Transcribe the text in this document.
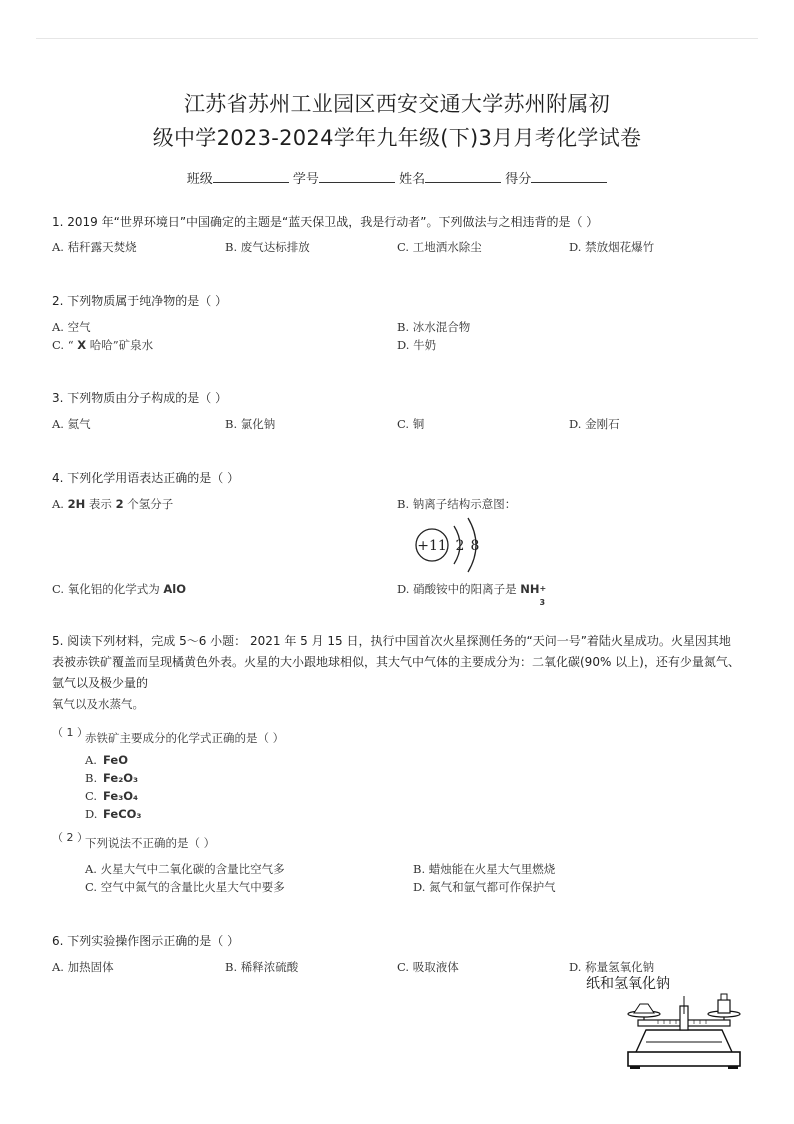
江苏省苏州工业园区西安交通大学苏州附属初
级中学2023-2024学年九年级(下)3月月考化学试卷
班级	学号	姓名	得分
1. 2019 年“世界环境日”中国确定的主题是“蓝天保卫战，我是行动者”。下列做法与之相违背的是（ ）
A. 秸秆露天焚烧	B. 废气达标排放	C. 工地洒水除尘	D. 禁放烟花爆竹
2. 下列物质属于纯净物的是（ ）
A. 空气	B. 冰水混合物
C. “ X 哈哈”矿泉水	D. 牛奶
3. 下列物质由分子构成的是（ ）
A. 氦气	B. 氯化钠	C. 铜	D. 金刚石
4. 下列化学用语表达正确的是（ ）
A. 2H 表示 2 个氢分子	B. 钠离子结构示意图：
+11 2 8
C. 氧化铝的化学式为 AlO	D. 硝酸铵中的阳离子是 NH +
3
5. 阅读下列材料，完成 5～6 小题： 2021 年 5 月 15 日，执行中国首次火星探测任务的“天问一号”着陆火星成功。火星因其地表被赤铁矿覆盖而呈现橘黄色外表。火星的大小跟地球相似，其大气中气体的主要成分为：二氧化碳(90% 以上)，还有少量氮气、氩气以及极少量的
氧气以及水蒸气。
（ 1 ）
赤铁矿主要成分的化学式正确的是（ ）
A. FeO
B. Fe₂O₃
C. Fe₃O₄
D. FeCO₃
（ 2 ）
下列说法不正确的是（ ）
A. 火星大气中二氧化碳的含量比空气多	B. 蜡烛能在火星大气里燃烧
C. 空气中氮气的含量比火星大气中要多	D. 氮气和氩气都可作保护气
6. 下列实验操作图示正确的是（ ）
A. 加热固体	B. 稀释浓硫酸	C. 吸取液体	D. 称量氢氧化钠
纸和氢氧化钠
